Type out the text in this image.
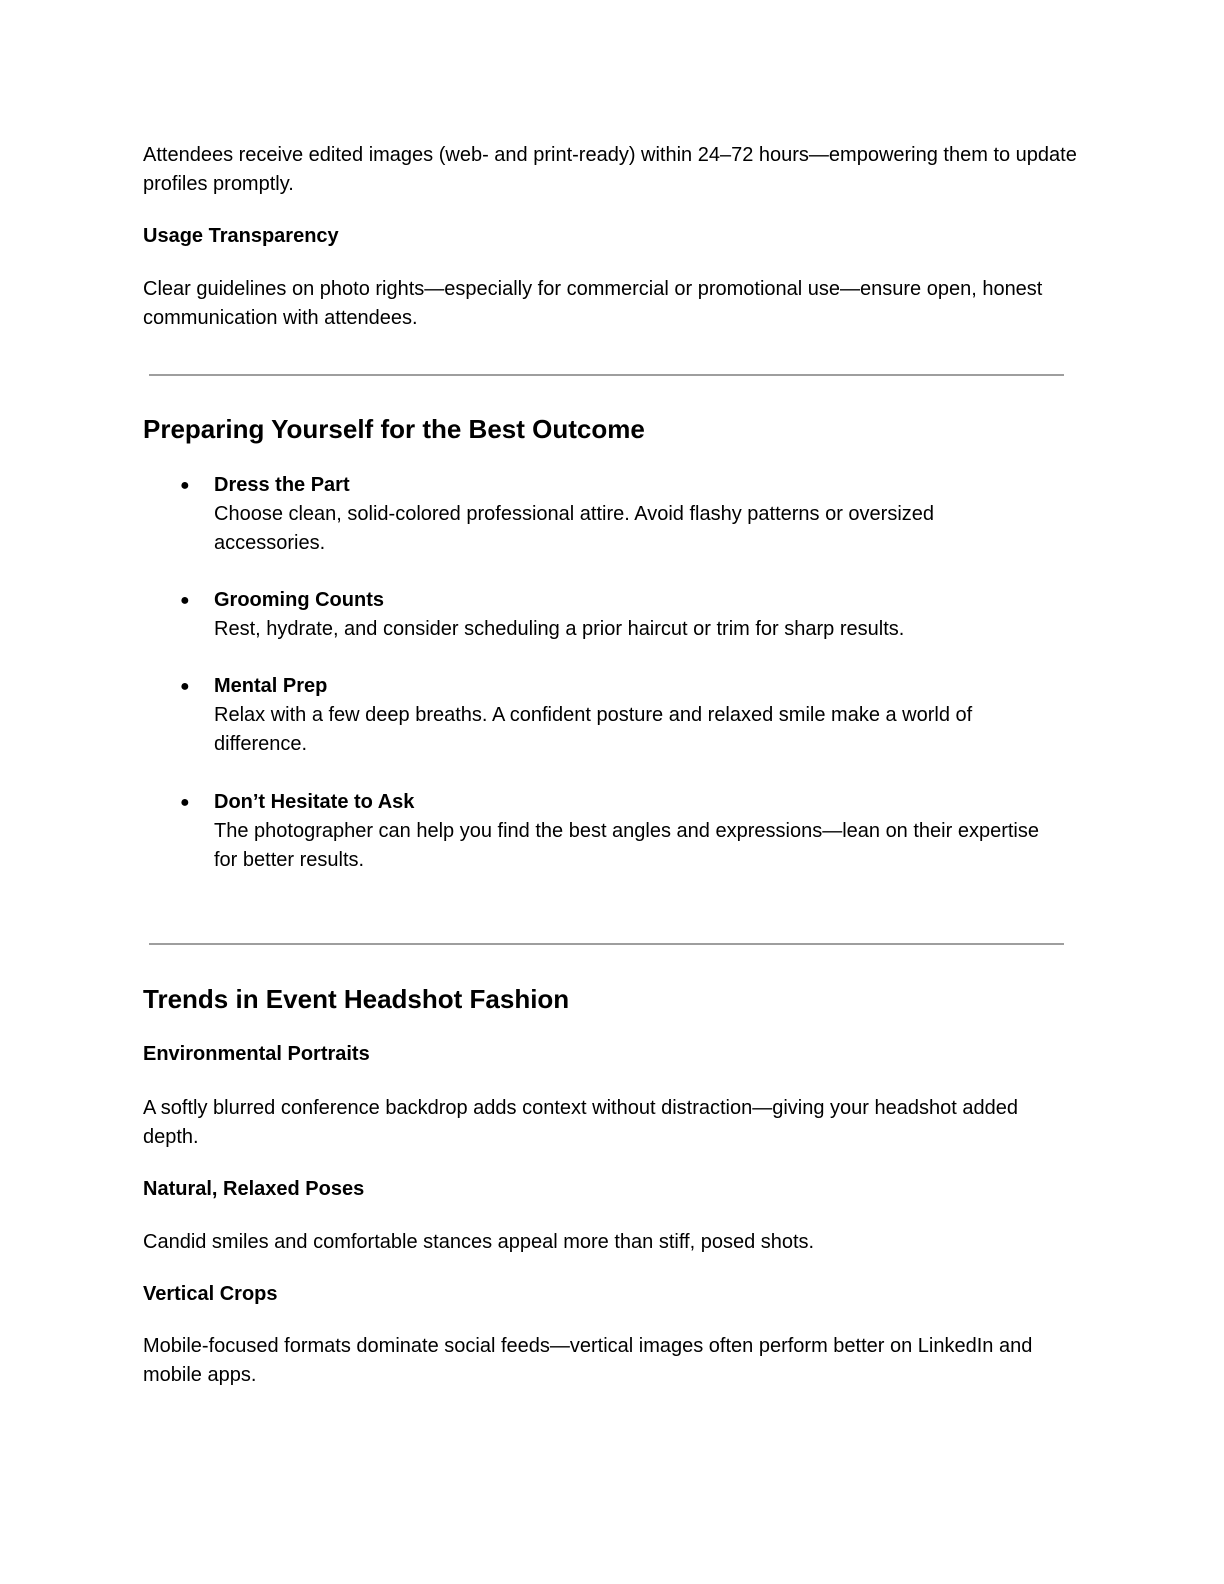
Attendees receive edited images (web- and print-ready) within 24–72 hours—empowering them to update profiles promptly.

Usage Transparency

Clear guidelines on photo rights—especially for commercial or promotional use—ensure open, honest communication with attendees.

Preparing Yourself for the Best Outcome
● Dress the Part
Choose clean, solid-colored professional attire. Avoid flashy patterns or oversized accessories.
● Grooming Counts
Rest, hydrate, and consider scheduling a prior haircut or trim for sharp results.
● Mental Prep
Relax with a few deep breaths. A confident posture and relaxed smile make a world of difference.
● Don’t Hesitate to Ask
The photographer can help you find the best angles and expressions—lean on their expertise for better results.
Trends in Event Headshot Fashion

Environmental Portraits

A softly blurred conference backdrop adds context without distraction—giving your headshot added depth.

Natural, Relaxed Poses

Candid smiles and comfortable stances appeal more than stiff, posed shots.

Vertical Crops

Mobile-focused formats dominate social feeds—vertical images often perform better on LinkedIn and mobile apps.
